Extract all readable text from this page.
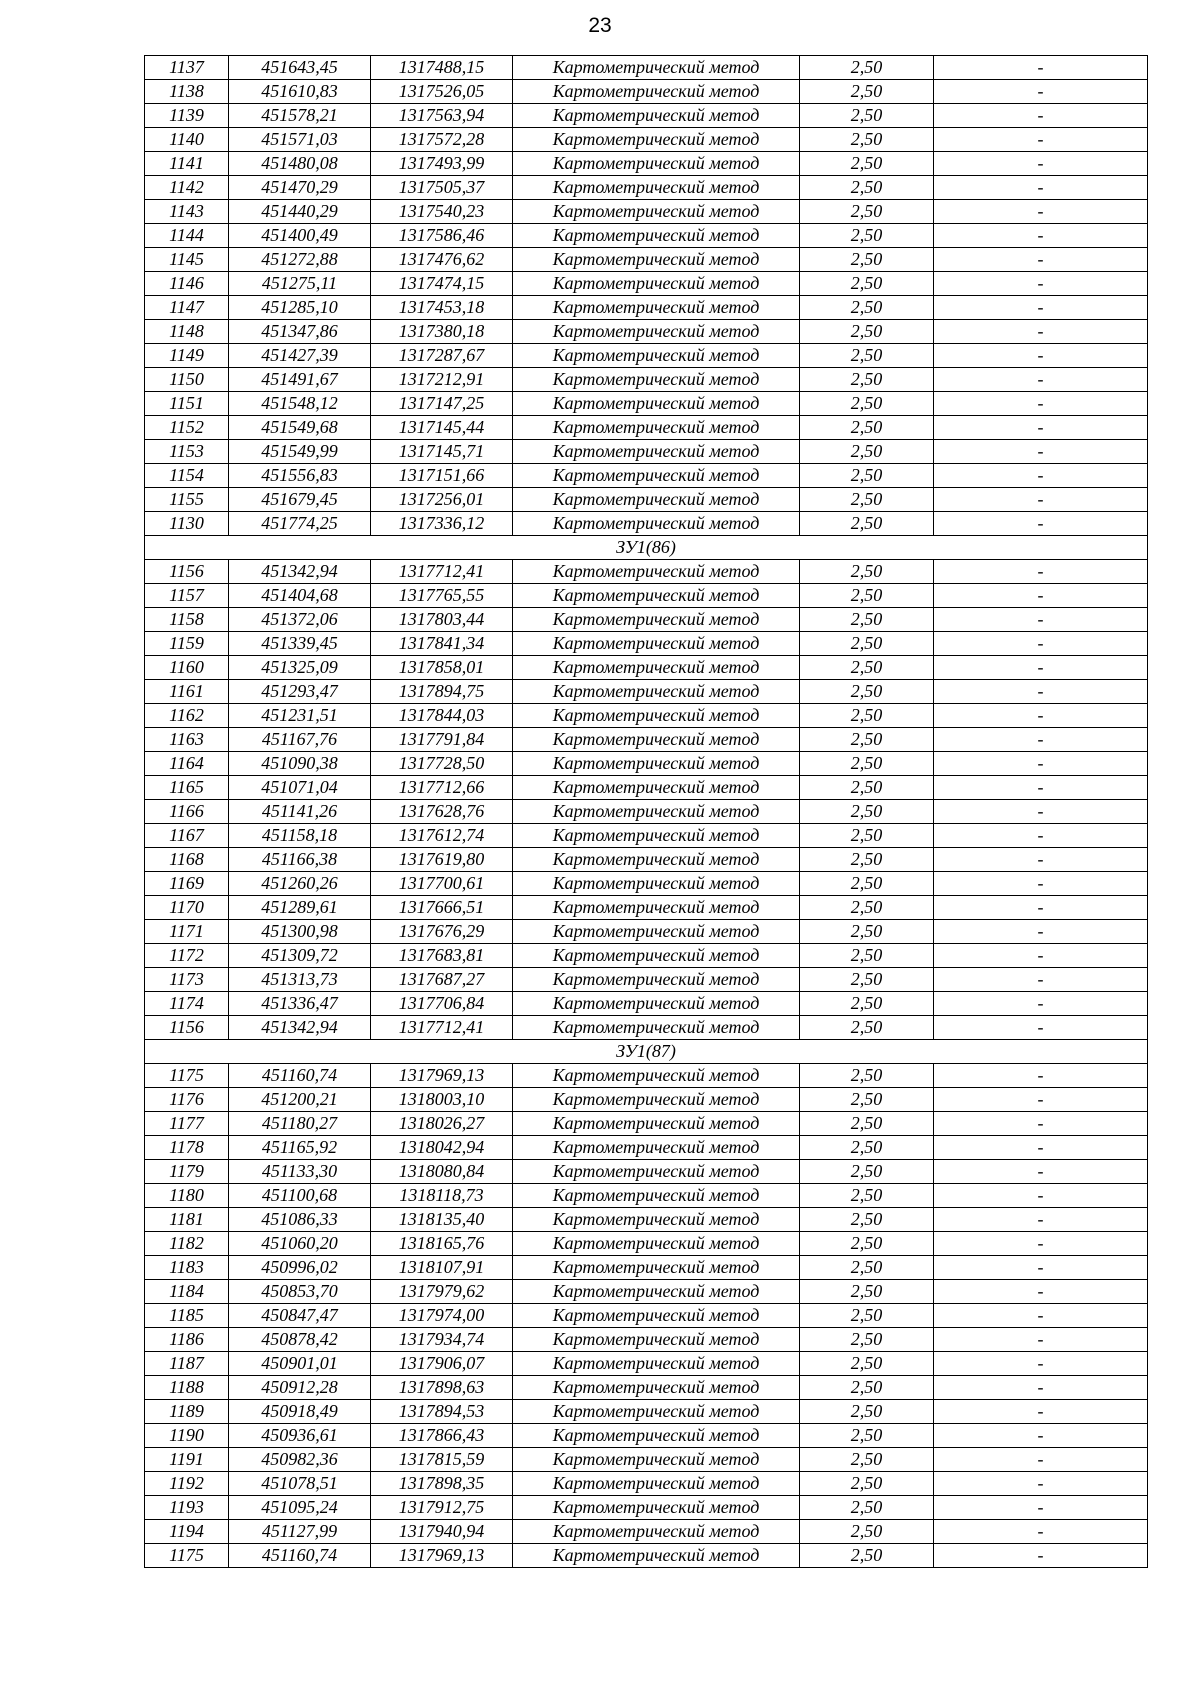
23
1137	451643,45	1317488,15	Картометрический метод	2,50	-
1138	451610,83	1317526,05	Картометрический метод	2,50	-
1139	451578,21	1317563,94	Картометрический метод	2,50	-
1140	451571,03	1317572,28	Картометрический метод	2,50	-
1141	451480,08	1317493,99	Картометрический метод	2,50	-
1142	451470,29	1317505,37	Картометрический метод	2,50	-
1143	451440,29	1317540,23	Картометрический метод	2,50	-
1144	451400,49	1317586,46	Картометрический метод	2,50	-
1145	451272,88	1317476,62	Картометрический метод	2,50	-
1146	451275,11	1317474,15	Картометрический метод	2,50	-
1147	451285,10	1317453,18	Картометрический метод	2,50	-
1148	451347,86	1317380,18	Картометрический метод	2,50	-
1149	451427,39	1317287,67	Картометрический метод	2,50	-
1150	451491,67	1317212,91	Картометрический метод	2,50	-
1151	451548,12	1317147,25	Картометрический метод	2,50	-
1152	451549,68	1317145,44	Картометрический метод	2,50	-
1153	451549,99	1317145,71	Картометрический метод	2,50	-
1154	451556,83	1317151,66	Картометрический метод	2,50	-
1155	451679,45	1317256,01	Картометрический метод	2,50	-
1130	451774,25	1317336,12	Картометрический метод	2,50	-
ЗУ1(86)					
1156	451342,94	1317712,41	Картометрический метод	2,50	-
1157	451404,68	1317765,55	Картометрический метод	2,50	-
1158	451372,06	1317803,44	Картометрический метод	2,50	-
1159	451339,45	1317841,34	Картометрический метод	2,50	-
1160	451325,09	1317858,01	Картометрический метод	2,50	-
1161	451293,47	1317894,75	Картометрический метод	2,50	-
1162	451231,51	1317844,03	Картометрический метод	2,50	-
1163	451167,76	1317791,84	Картометрический метод	2,50	-
1164	451090,38	1317728,50	Картометрический метод	2,50	-
1165	451071,04	1317712,66	Картометрический метод	2,50	-
1166	451141,26	1317628,76	Картометрический метод	2,50	-
1167	451158,18	1317612,74	Картометрический метод	2,50	-
1168	451166,38	1317619,80	Картометрический метод	2,50	-
1169	451260,26	1317700,61	Картометрический метод	2,50	-
1170	451289,61	1317666,51	Картометрический метод	2,50	-
1171	451300,98	1317676,29	Картометрический метод	2,50	-
1172	451309,72	1317683,81	Картометрический метод	2,50	-
1173	451313,73	1317687,27	Картометрический метод	2,50	-
1174	451336,47	1317706,84	Картометрический метод	2,50	-
1156	451342,94	1317712,41	Картометрический метод	2,50	-
ЗУ1(87)					
1175	451160,74	1317969,13	Картометрический метод	2,50	-
1176	451200,21	1318003,10	Картометрический метод	2,50	-
1177	451180,27	1318026,27	Картометрический метод	2,50	-
1178	451165,92	1318042,94	Картометрический метод	2,50	-
1179	451133,30	1318080,84	Картометрический метод	2,50	-
1180	451100,68	1318118,73	Картометрический метод	2,50	-
1181	451086,33	1318135,40	Картометрический метод	2,50	-
1182	451060,20	1318165,76	Картометрический метод	2,50	-
1183	450996,02	1318107,91	Картометрический метод	2,50	-
1184	450853,70	1317979,62	Картометрический метод	2,50	-
1185	450847,47	1317974,00	Картометрический метод	2,50	-
1186	450878,42	1317934,74	Картометрический метод	2,50	-
1187	450901,01	1317906,07	Картометрический метод	2,50	-
1188	450912,28	1317898,63	Картометрический метод	2,50	-
1189	450918,49	1317894,53	Картометрический метод	2,50	-
1190	450936,61	1317866,43	Картометрический метод	2,50	-
1191	450982,36	1317815,59	Картометрический метод	2,50	-
1192	451078,51	1317898,35	Картометрический метод	2,50	-
1193	451095,24	1317912,75	Картометрический метод	2,50	-
1194	451127,99	1317940,94	Картометрический метод	2,50	-
1175	451160,74	1317969,13	Картометрический метод	2,50	-
